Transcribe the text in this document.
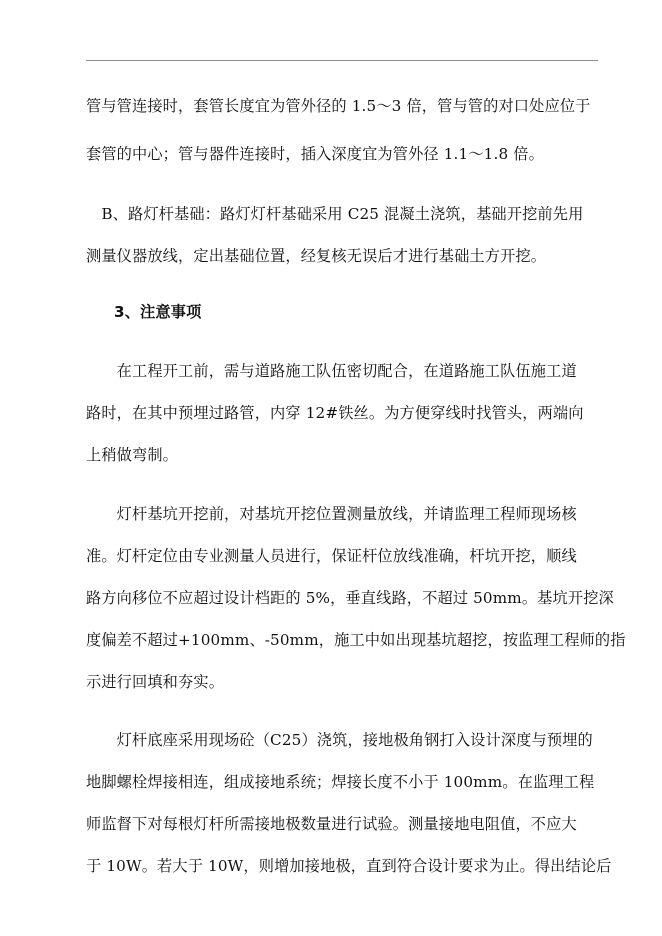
管与管连接时，套管长度宜为管外径的 1.5～3 倍，管与管的对口处应位于
套管的中心；管与器件连接时，插入深度宜为管外径 1.1～1.8 倍。
　B、路灯杆基础：路灯灯杆基础采用 C25 混凝土浇筑，基础开挖前先用
测量仪器放线，定出基础位置，经复核无误后才进行基础土方开挖。
3、注意事项
　　在工程开工前，需与道路施工队伍密切配合，在道路施工队伍施工道
路时，在其中预埋过路管，内穿 12#铁丝。为方便穿线时找管头，两端向
上稍做弯制。
　　灯杆基坑开挖前，对基坑开挖位置测量放线，并请监理工程师现场核
准。灯杆定位由专业测量人员进行，保证杆位放线准确，杆坑开挖，顺线
路方向移位不应超过设计档距的 5%，垂直线路，不超过 50mm。基坑开挖深
度偏差不超过+100mm、-50mm，施工中如出现基坑超挖，按监理工程师的指
示进行回填和夯实。
　　灯杆底座采用现场砼（C25）浇筑，接地极角钢打入设计深度与预埋的
地脚螺栓焊接相连，组成接地系统；焊接长度不小于 100mm。在监理工程
师监督下对每根灯杆所需接地极数量进行试验。测量接地电阻值，不应大
于 10W。若大于 10W，则增加接地极，直到符合设计要求为止。得出结论后
